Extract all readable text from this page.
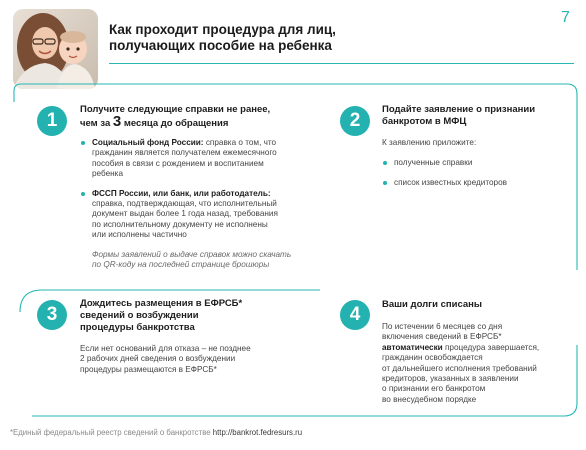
Как проходит процедура для лиц,
получающих пособие на ребенка
7
1
Получите следующие справки не ранее,
чем за 3 месяца до обращения
Социальный фонд России: справка о том, что
гражданин является получателем ежемесячного
пособия в связи с рождением и воспитанием
ребенка
ФССП России, или банк, или работодатель:
справка, подтверждающая, что исполнительный
документ выдан более 1 года назад, требования
по исполнительному документу не исполнены
или исполнены частично
Формы заявлений о выдаче справок можно скачать
по QR-коду на последней странице брошюры
2
Подайте заявление о признании
банкротом в МФЦ
К заявлению приложите:
полученные справки
список известных кредиторов
3
Дождитесь размещения в ЕФРСБ*
сведений о возбуждении
процедуры банкротства
Если нет оснований для отказа – не позднее
2 рабочих дней сведения о возбуждении
процедуры размещаются в ЕФРСБ*
4	Ваши долги списаны
По истечении 6 месяцев со дня
включения сведений в ЕФРСБ*
автоматически процедура завершается,
гражданин освобождается
от дальнейшего исполнения требований
кредиторов, указанных в заявлении
о признании его банкротом
во внесудебном порядке
*Единый федеральный реестр сведений о банкротстве http://bankrot.fedresurs.ru
